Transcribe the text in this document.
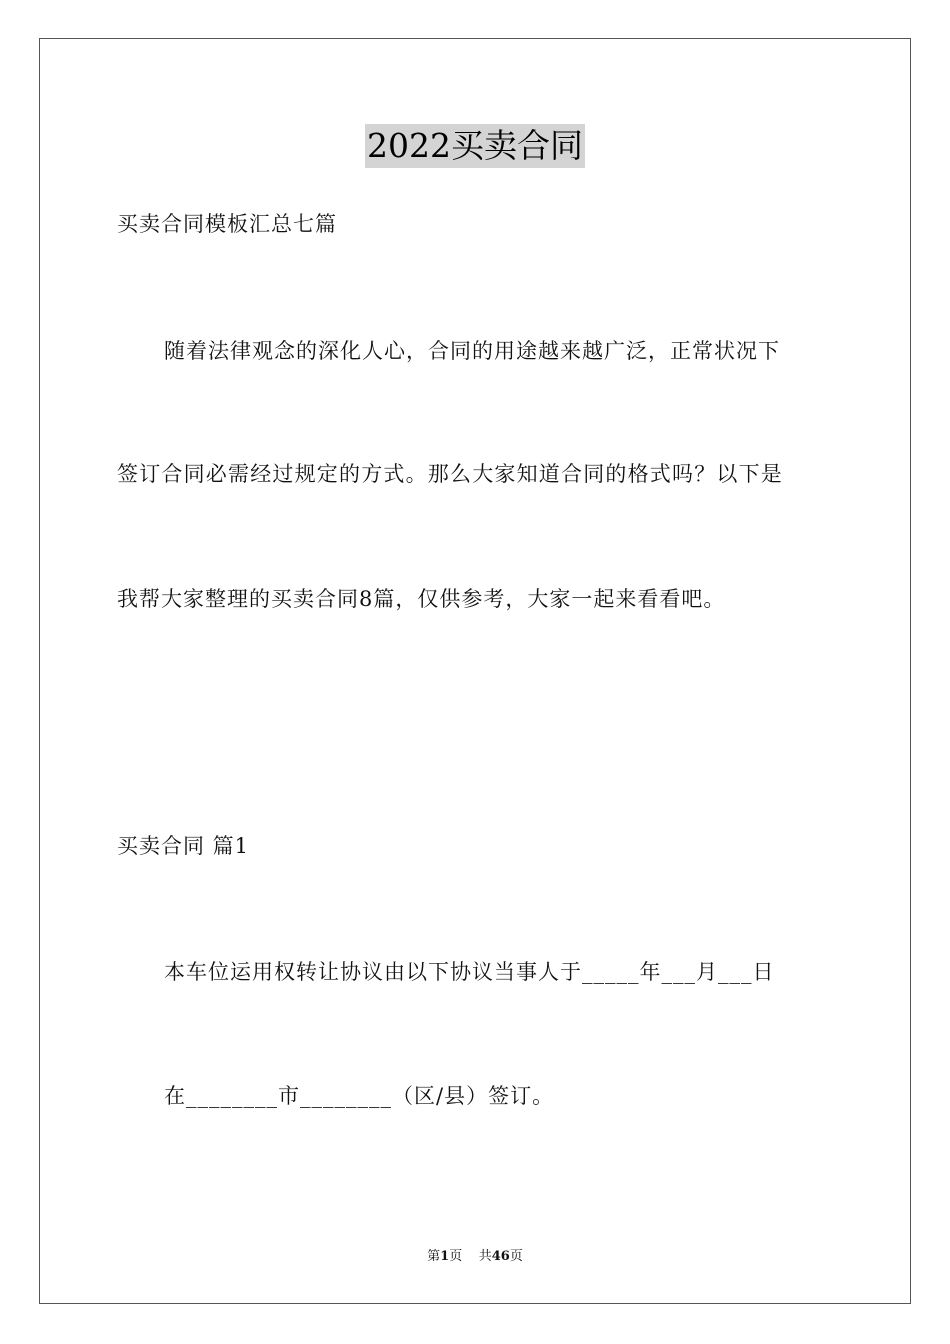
2022买卖合同
买卖合同模板汇总七篇
随着法律观念的深化人心，合同的用途越来越广泛，正常状况下
签订合同必需经过规定的方式。那么大家知道合同的格式吗？以下是
我帮大家整理的买卖合同8篇，仅供参考，大家一起来看看吧。
买卖合同 篇1
本车位运用权转让协议由以下协议当事人于_____年___月___日
在________市________（区/县）签订。
第1页 共46页
